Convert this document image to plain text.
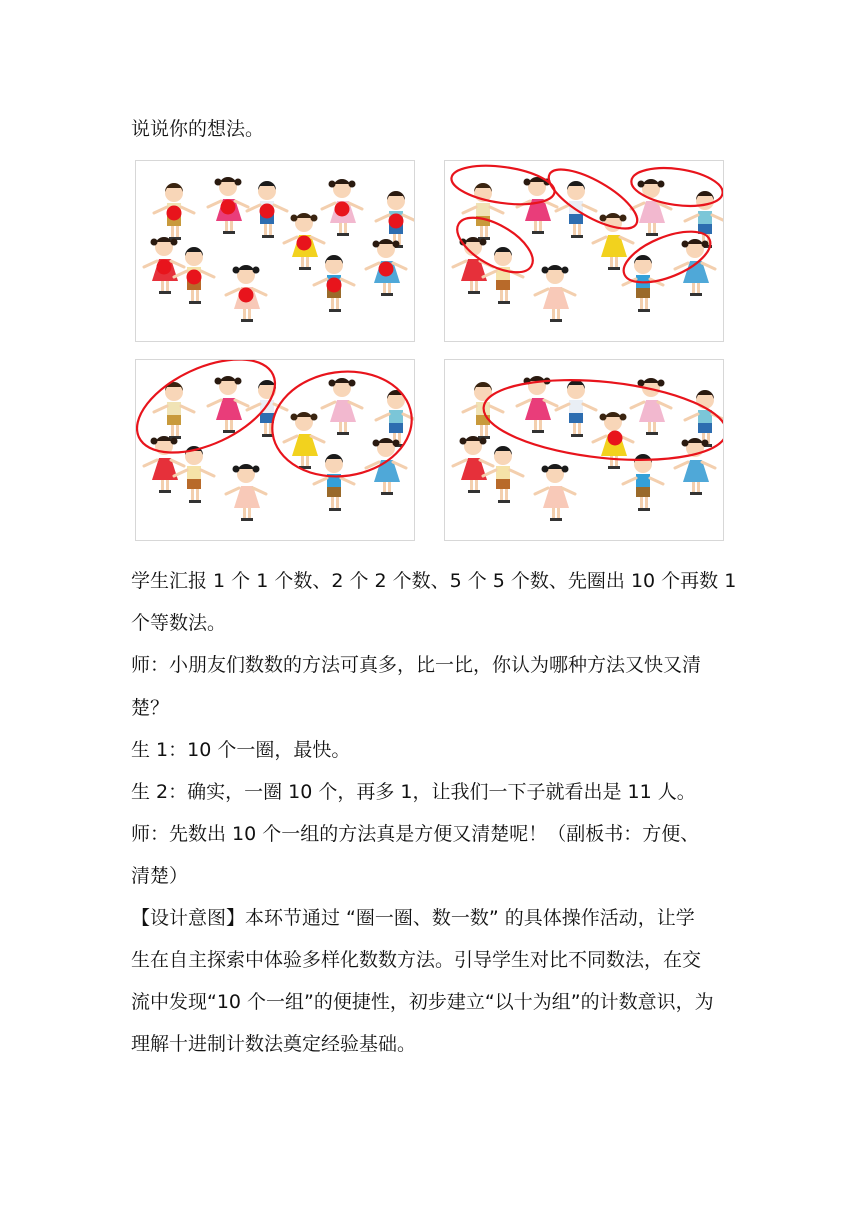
说说你的想法。
学生汇报 1 个 1 个数、2 个 2 个数、5 个 5 个数、先圈出 10 个再数 1
个等数法。
师：小朋友们数数的方法可真多，比一比，你认为哪种方法又快又清
楚？
生 1：10 个一圈，最快。
生 2：确实，一圈 10 个，再多 1，让我们一下子就看出是 11 人。
师：先数出 10 个一组的方法真是方便又清楚呢！（副板书：方便、
清楚）
【设计意图】本环节通过 “圈一圈、数一数” 的具体操作活动，让学
生在自主探索中体验多样化数数方法。引导学生对比不同数法，在交
流中发现“10 个一组”的便捷性，初步建立“以十为组”的计数意识，为
理解十进制计数法奠定经验基础。
